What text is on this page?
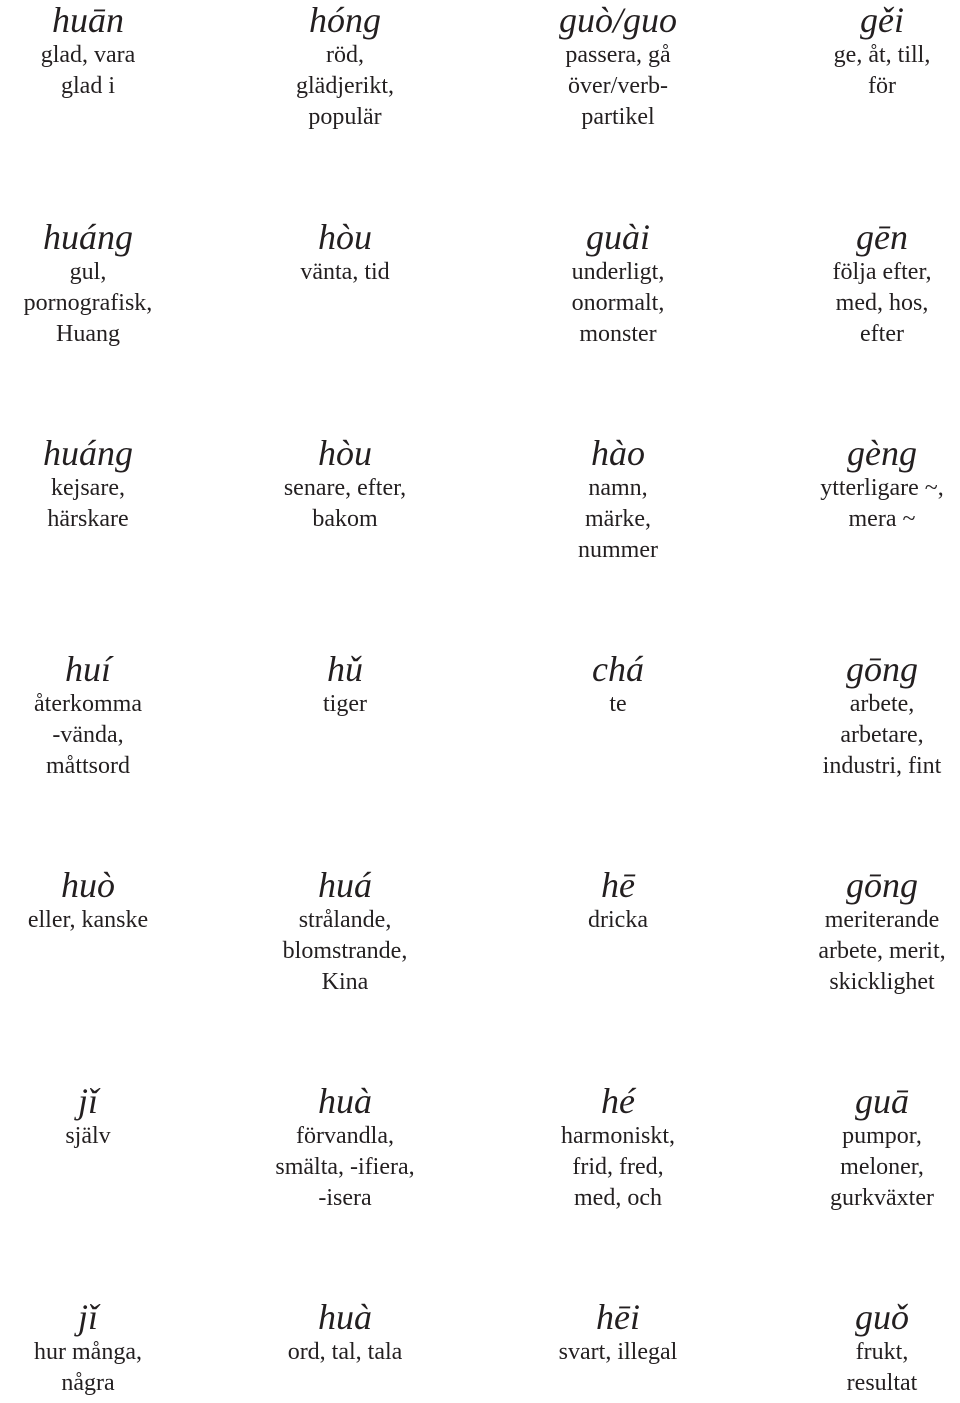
huān
glad, vara
glad i
hóng
röd,
glädjerikt,
populär
guò/guo
passera, gå
över/verb-
partikel
gěi
ge, åt, till,
för
huáng
gul,
pornografisk,
Huang
hòu
vänta, tid
guài
underligt,
onormalt,
monster
gēn
följa efter,
med, hos,
efter
huáng
kejsare,
härskare
hòu
senare, efter,
bakom
hào
namn,
märke,
nummer
gèng
ytterligare ~,
mera ~
huí
återkomma
-vända,
måttsord
hǔ
tiger
chá
te
gōng
arbete,
arbetare,
industri, fint
huò
eller, kanske
huá
strålande,
blomstrande,
Kina
hē
dricka
gōng
meriterande
arbete, merit,
skicklighet
jǐ
själv
huà
förvandla,
smälta, -ifiera,
-isera
hé
harmoniskt,
frid, fred,
med, och
guā
pumpor,
meloner,
gurkväxter
jǐ
hur många,
några
huà
ord, tal, tala
hēi
svart, illegal
guǒ
frukt,
resultat
